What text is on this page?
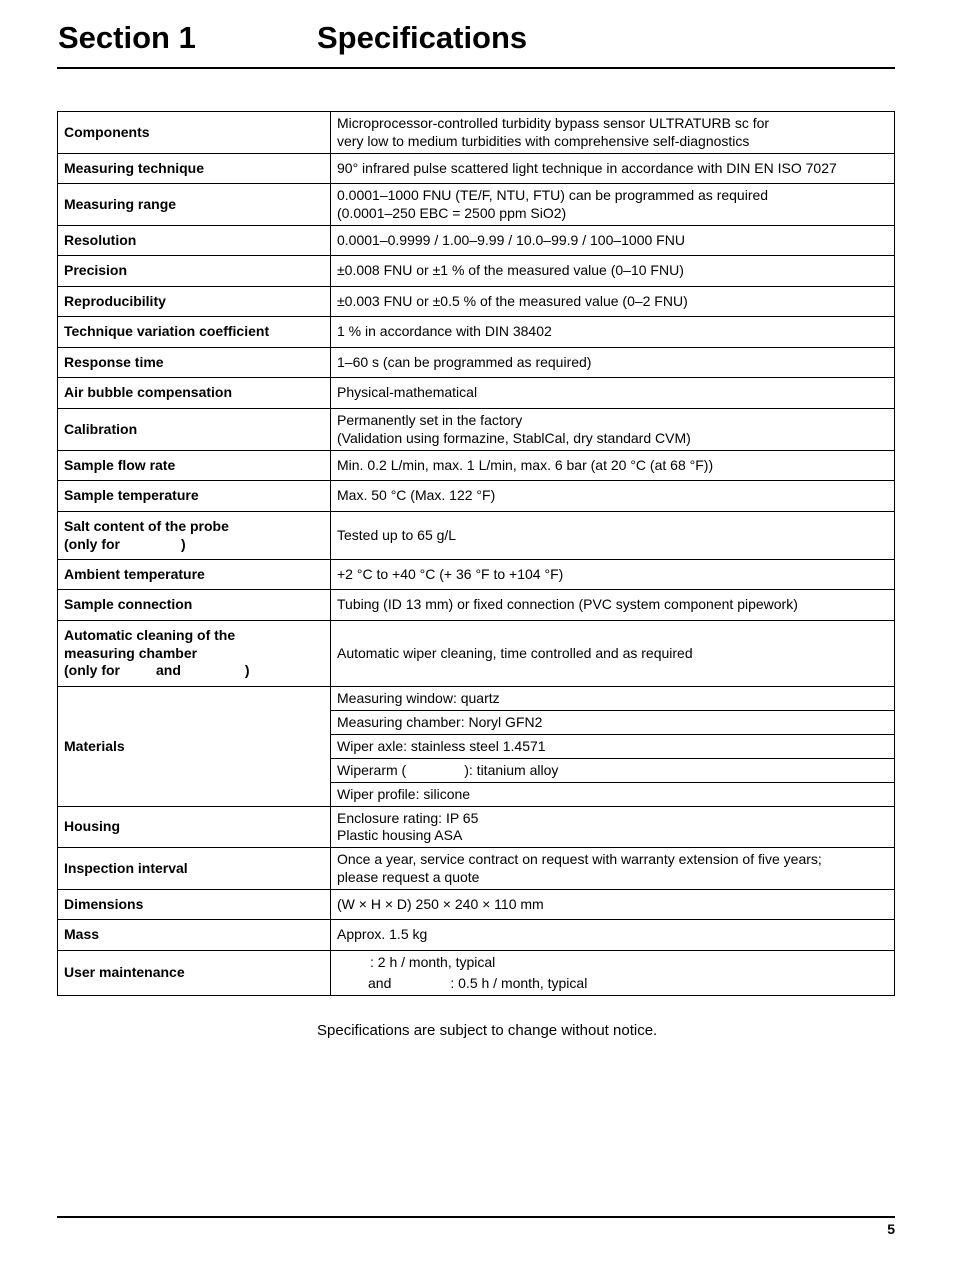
Section 1	Specifications
Components	Microprocessor-controlled turbidity bypass sensor ULTRATURB sc for
very low to medium turbidities with comprehensive self-diagnostics

Measuring technique	90° infrared pulse scattered light technique in accordance with DIN EN ISO 7027
Measuring range	0.0001–1000 FNU (TE/F, NTU, FTU) can be programmed as required
(0.0001–250 EBC = 2500 ppm SiO2)

Resolution	0.0001–0.9999 / 1.00–9.99 / 10.0–99.9 / 100–1000 FNU
Precision	±0.008 FNU or ±1 % of the measured value (0–10 FNU)
Reproducibility	±0.003 FNU or ±0.5 % of the measured value (0–2 FNU)
Technique variation coefficient	1 % in accordance with DIN 38402
Response time	1–60 s (can be programmed as required)
Air bubble compensation	Physical-mathematical
Calibration	Permanently set in the factory
(Validation using formazine, StablCal, dry standard CVM)

Sample flow rate	Min. 0.2 L/min, max. 1 L/min, max. 6 bar (at 20 °C (at 68 °F))
Sample temperature	Max. 50 °C (Max. 122 °F)

Salt content of the probe
(only for )	Tested up to 65 g/L
Ambient temperature	+2 °C to +40 °C (+ 36 °F to +104 °F)
Sample connection	Tubing (ID 13 mm) or fixed connection (PVC system component pipework)

Automatic cleaning of the
measuring chamber
(only for and )	Automatic wiper cleaning, time controlled and as required
Materials	Measuring window: quartz
	Measuring chamber: Noryl GFN2
	Wiper axle: stainless steel 1.4571
	Wiperarm ( ): titanium alloy
	Wiper profile: silicone
Housing	Enclosure rating: IP 65
Plastic housing ASA

Inspection interval	Once a year, service contract on request with warranty extension of five years;
please request a quote

Dimensions	(W × H × D) 250 × 240 × 110 mm
Mass	Approx. 1.5 kg
User maintenance	: 2 h / month, typical
and : 0.5 h / month, typical
Specifications are subject to change without notice.
5
